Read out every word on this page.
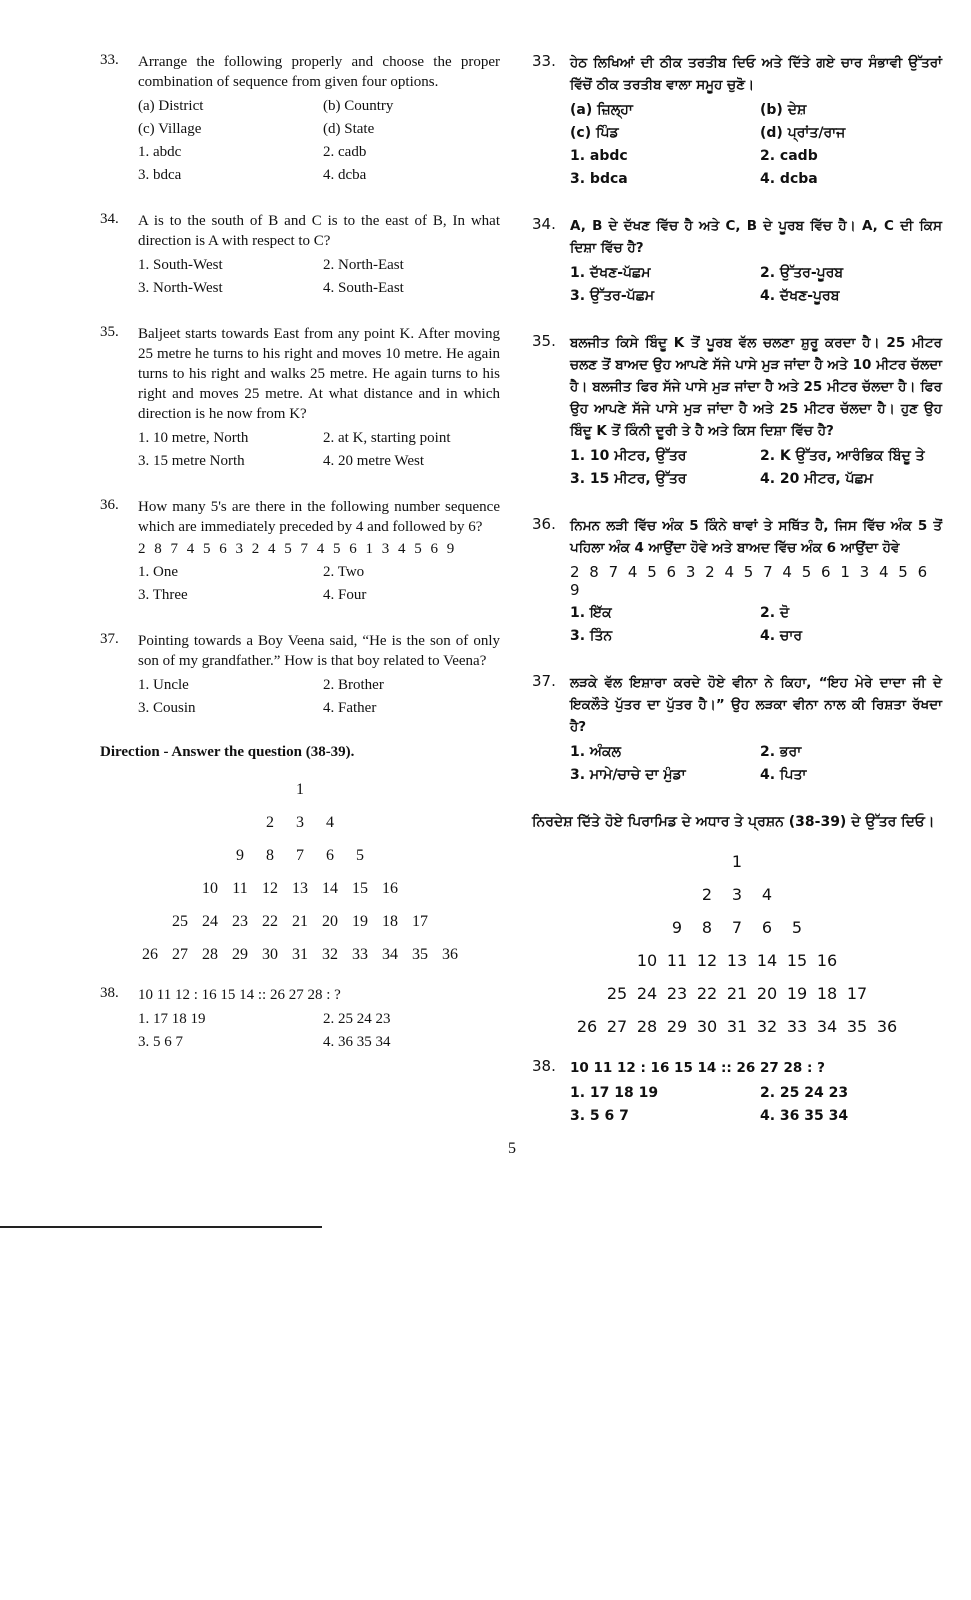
33. Arrange the following properly and choose the proper combination of sequence from given four options.
(a) District	(b) Country
(c) Village	(d) State
1. abdc	2. cadb
3. bdca	4. dcba
34. A is to the south of B and C is to the east of B, In what direction is A with respect to C?
1. South-West	2. North-East
3. North-West	4. South-East
35. Baljeet starts towards East from any point K. After moving 25 metre he turns to his right and moves 10 metre. He again turns to his right and walks 25 metre. He again turns to his right and moves 25 metre. At what distance and in which direction is he now from K?
1. 10 metre, North	2. at K, starting point
3. 15 metre North	4. 20 metre West
36. How many 5's are there in the following number sequence which are immediately preceded by 4 and followed by 6?
2 8 7 4 5 6 3 2 4 5 7 4 5 6 1 3 4 5 6 9
1. One	2. Two
3. Three	4. Four
37. Pointing towards a Boy Veena said, “He is the son of only son of my grandfather.” How is that boy related to Veena?
1. Uncle	2. Brother
3. Cousin	4. Father
Direction - Answer the question (38-39).
1
2	3	4
9	8	7	6	5
10 11 12 13 14 15 16
25 24 23 22 21 20 19 18 17
26 27 28 29 30 31 32 33 34 35 36
38. 10 11 12 : 16 15 14 :: 26 27 28 : ?
1. 17 18 19	2. 25 24 23
3. 5 6 7	4. 36 35 34
33. ਹੇਠ ਲਿਖਿਆਂ ਦੀ ਠੀਕ ਤਰਤੀਬ ਦਿਓ ਅਤੇ ਦਿੱਤੇ ਗਏ ਚਾਰ ਸੰਭਾਵੀ ਉੱਤਰਾਂ ਵਿੱਚੋਂ ਠੀਕ ਤਰਤੀਬ ਵਾਲਾ ਸਮੂਹ ਚੁਣੋ।
(a) ਜ਼ਿਲ੍ਹਾ	(b) ਦੇਸ਼
(c) ਪਿੰਡ	(d) ਪ੍ਰਾਂਤ/ਰਾਜ
1. abdc	2. cadb
3. bdca	4. dcba
34. A, B ਦੇ ਦੱਖਣ ਵਿੱਚ ਹੈ ਅਤੇ C, B ਦੇ ਪੂਰਬ ਵਿੱਚ ਹੈ। A, C ਦੀ ਕਿਸ ਦਿਸ਼ਾ ਵਿੱਚ ਹੈ?
1. ਦੱਖਣ-ਪੱਛਮ	2. ਉੱਤਰ-ਪੂਰਬ
3. ਉੱਤਰ-ਪੱਛਮ	4. ਦੱਖਣ-ਪੂਰਬ
35. ਬਲਜੀਤ ਕਿਸੇ ਬਿੰਦੂ K ਤੋਂ ਪੂਰਬ ਵੱਲ ਚਲਣਾ ਸ਼ੁਰੂ ਕਰਦਾ ਹੈ। 25 ਮੀਟਰ ਚਲਣ ਤੋਂ ਬਾਅਦ ਉਹ ਆਪਣੇ ਸੱਜੇ ਪਾਸੇ ਮੁੜ ਜਾਂਦਾ ਹੈ ਅਤੇ 10 ਮੀਟਰ ਚੱਲਦਾ ਹੈ। ਬਲਜੀਤ ਫਿਰ ਸੱਜੇ ਪਾਸੇ ਮੁੜ ਜਾਂਦਾ ਹੈ ਅਤੇ 25 ਮੀਟਰ ਚੱਲਦਾ ਹੈ। ਫਿਰ ਉਹ ਆਪਣੇ ਸੱਜੇ ਪਾਸੇ ਮੁੜ ਜਾਂਦਾ ਹੈ ਅਤੇ 25 ਮੀਟਰ ਚੱਲਦਾ ਹੈ। ਹੁਣ ਉਹ ਬਿੰਦੂ K ਤੋਂ ਕਿੰਨੀ ਦੂਰੀ ਤੇ ਹੈ ਅਤੇ ਕਿਸ ਦਿਸ਼ਾ ਵਿੱਚ ਹੈ?
1. 10 ਮੀਟਰ, ਉੱਤਰ	2. K ਉੱਤਰ, ਆਰੰਭਿਕ ਬਿੰਦੂ ਤੇ
3. 15 ਮੀਟਰ, ਉੱਤਰ	4. 20 ਮੀਟਰ, ਪੱਛਮ
36. ਨਿਮਨ ਲੜੀ ਵਿੱਚ ਅੰਕ 5 ਕਿੰਨੇ ਥਾਵਾਂ ਤੇ ਸਥਿੱਤ ਹੈ, ਜਿਸ ਵਿੱਚ ਅੰਕ 5 ਤੋਂ ਪਹਿਲਾ ਅੰਕ 4 ਆਉਂਦਾ ਹੋਵੇ ਅਤੇ ਬਾਅਦ ਵਿੱਚ ਅੰਕ 6 ਆਉਂਦਾ ਹੋਵੇ
2 8 7 4 5 6 3 2 4 5 7 4 5 6 1 3 4 5 6 9
1. ਇੱਕ	2. ਦੋ
3. ਤਿੰਨ	4. ਚਾਰ
37. ਲੜਕੇ ਵੱਲ ਇਸ਼ਾਰਾ ਕਰਦੇ ਹੋਏ ਵੀਨਾ ਨੇ ਕਿਹਾ, “ਇਹ ਮੇਰੇ ਦਾਦਾ ਜੀ ਦੇ ਇਕਲੌਤੇ ਪੁੱਤਰ ਦਾ ਪੁੱਤਰ ਹੈ।” ਉਹ ਲੜਕਾ ਵੀਨਾ ਨਾਲ ਕੀ ਰਿਸ਼ਤਾ ਰੱਖਦਾ ਹੈ?
1. ਅੰਕਲ	2. ਭਰਾ
3. ਮਾਮੇ/ਚਾਚੇ ਦਾ ਮੁੰਡਾ	4. ਪਿਤਾ
ਨਿਰਦੇਸ਼ ਦਿੱਤੇ ਹੋਏ ਪਿਰਾਮਿਡ ਦੇ ਅਧਾਰ ਤੇ ਪ੍ਰਸ਼ਨ (38-39) ਦੇ ਉੱਤਰ ਦਿਓ।
1
2	3	4
9	8	7	6	5
10 11 12 13 14 15 16
25 24 23 22 21 20 19 18 17
26 27 28 29 30 31 32 33 34 35 36
38. 10 11 12 : 16 15 14 :: 26 27 28 : ?
1. 17 18 19	2. 25 24 23
3. 5 6 7	4. 36 35 34
5
